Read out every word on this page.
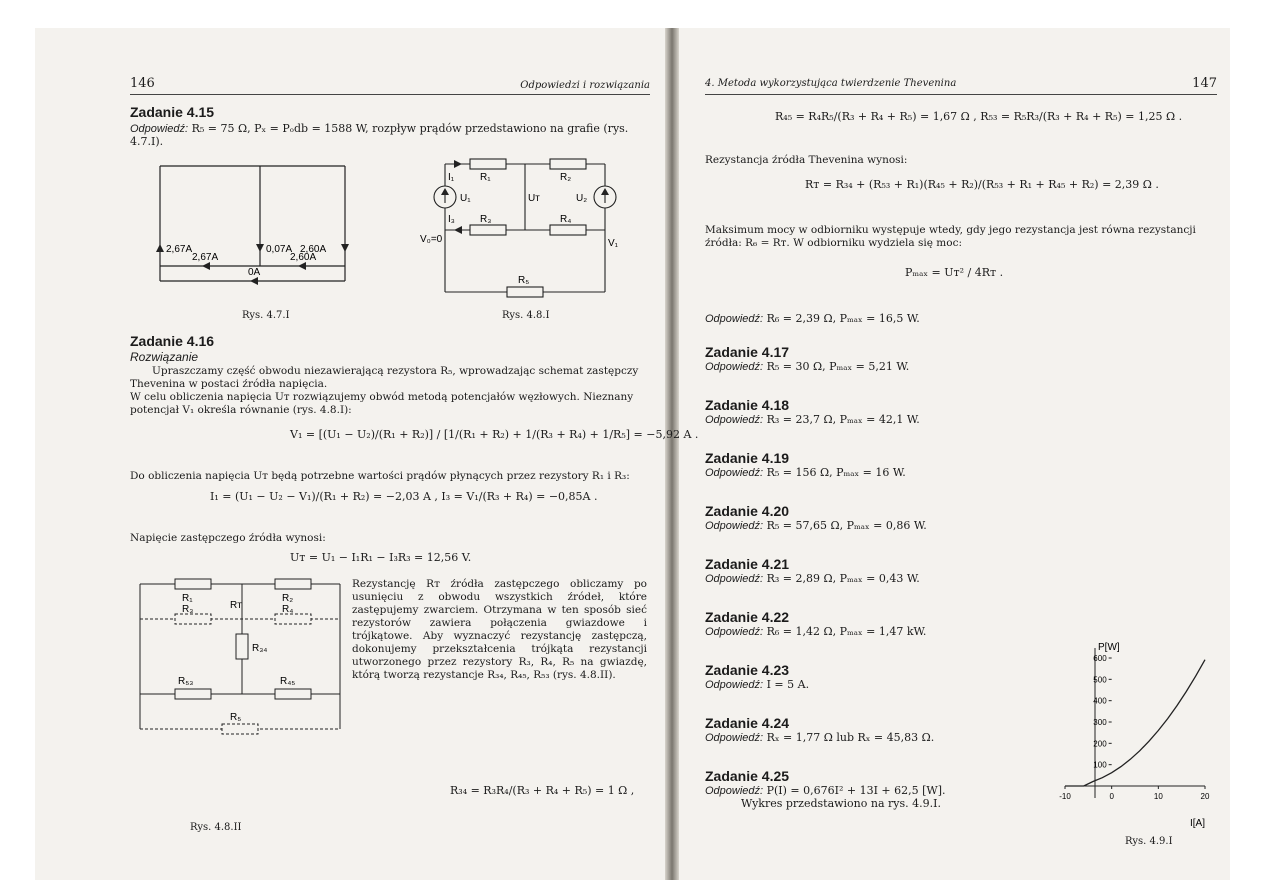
146	Odpowiedzi i rozwiązania
Zadanie 4.15
Odpowiedź: R₅ = 75 Ω, Pₓ = Pₒdb = 1588 W, rozpływ prądów przedstawiono na grafie (rys. 4.7.I).
2,67A	0,07A 2,60A
2,67A	2,60A
0A
Rys. 4.7.I
I₁	R₁	R₂
U₁	Uᴛ	U₂
I₃	R₃	R₄
V₀=0	V₁
R₅
Rys. 4.8.I
Zadanie 4.16
Rozwiązanie
Upraszczamy część obwodu niezawierającą rezystora R₅, wprowadzając schemat zastępczy Thevenina w postaci źródła napięcia.
W celu obliczenia napięcia Uᴛ rozwiązujemy obwód metodą potencjałów węzłowych. Nieznany potencjał V₁ określa równanie (rys. 4.8.I):
V₁ = [(U₁ − U₂)/(R₁ + R₂)] / [1/(R₁ + R₂) + 1/(R₃ + R₄) + 1/R₅] = −5,92 A .
Do obliczenia napięcia Uᴛ będą potrzebne wartości prądów płynących przez rezystory R₁ i R₃:
I₁ = (U₁ − U₂ − V₁)/(R₁ + R₂) = −2,03 A , I₃ = V₁/(R₃ + R₄) = −0,85A .
Napięcie zastępczego źródła wynosi:
Uᴛ = U₁ − I₁R₁ − I₃R₃ = 12,56 V.
R₁	R₂
R₃	Rᴛ	R₄
R₃₄
R₅₃	R₄₅
R₅
Rys. 4.8.II
Rezystancję Rᴛ źródła zastępczego obliczamy po usunięciu z obwodu wszystkich źródeł, które zastępujemy zwarciem. Otrzymana w ten sposób sieć rezystorów zawiera połączenia gwiazdowe i trójkątowe. Aby wyznaczyć rezystancję zastępczą, dokonujemy przekształcenia trójkąta rezystancji utworzonego przez rezystory R₃, R₄, R₅ na gwiazdę, którą tworzą rezystancje R₃₄, R₄₅, R₅₃ (rys. 4.8.II).
R₃₄ = R₃R₄/(R₃ + R₄ + R₅) = 1 Ω ,
4. Metoda wykorzystująca twierdzenie Thevenina	147
R₄₅ = R₄R₅/(R₃ + R₄ + R₅) = 1,67 Ω , R₅₃ = R₅R₃/(R₃ + R₄ + R₅) = 1,25 Ω .
Rezystancja źródła Thevenina wynosi:
Rᴛ = R₃₄ + (R₅₃ + R₁)(R₄₅ + R₂)/(R₅₃ + R₁ + R₄₅ + R₂) = 2,39 Ω .
Maksimum mocy w odbiorniku występuje wtedy, gdy jego rezystancja jest równa rezystancji źródła: R₆ = Rᴛ. W odbiorniku wydziela się moc:
Pₘₐₓ = Uᴛ² / 4Rᴛ .
Odpowiedź: R₆ = 2,39 Ω, Pₘₐₓ = 16,5 W.
Zadanie 4.17
Odpowiedź: R₅ = 30 Ω, Pₘₐₓ = 5,21 W.
Zadanie 4.18
Odpowiedź: R₃ = 23,7 Ω, Pₘₐₓ = 42,1 W.
Zadanie 4.19
Odpowiedź: R₅ = 156 Ω, Pₘₐₓ = 16 W.
Zadanie 4.20
Odpowiedź: R₅ = 57,65 Ω, Pₘₐₓ = 0,86 W.
Zadanie 4.21
Odpowiedź: R₃ = 2,89 Ω, Pₘₐₓ = 0,43 W.
Zadanie 4.22
Odpowiedź: R₆ = 1,42 Ω, Pₘₐₓ = 1,47 kW.
Zadanie 4.23
Odpowiedź: I = 5 A.
Zadanie 4.24
Odpowiedź: Rₓ = 1,77 Ω lub Rₓ = 45,83 Ω.
Zadanie 4.25
Odpowiedź: P(I) = 0,676I² + 13I + 62,5 [W].
Wykres przedstawiono na rys. 4.9.I.
100
200
300
400
500
600
-10	0	10	20
P[W]
I[A]
Rys. 4.9.I
